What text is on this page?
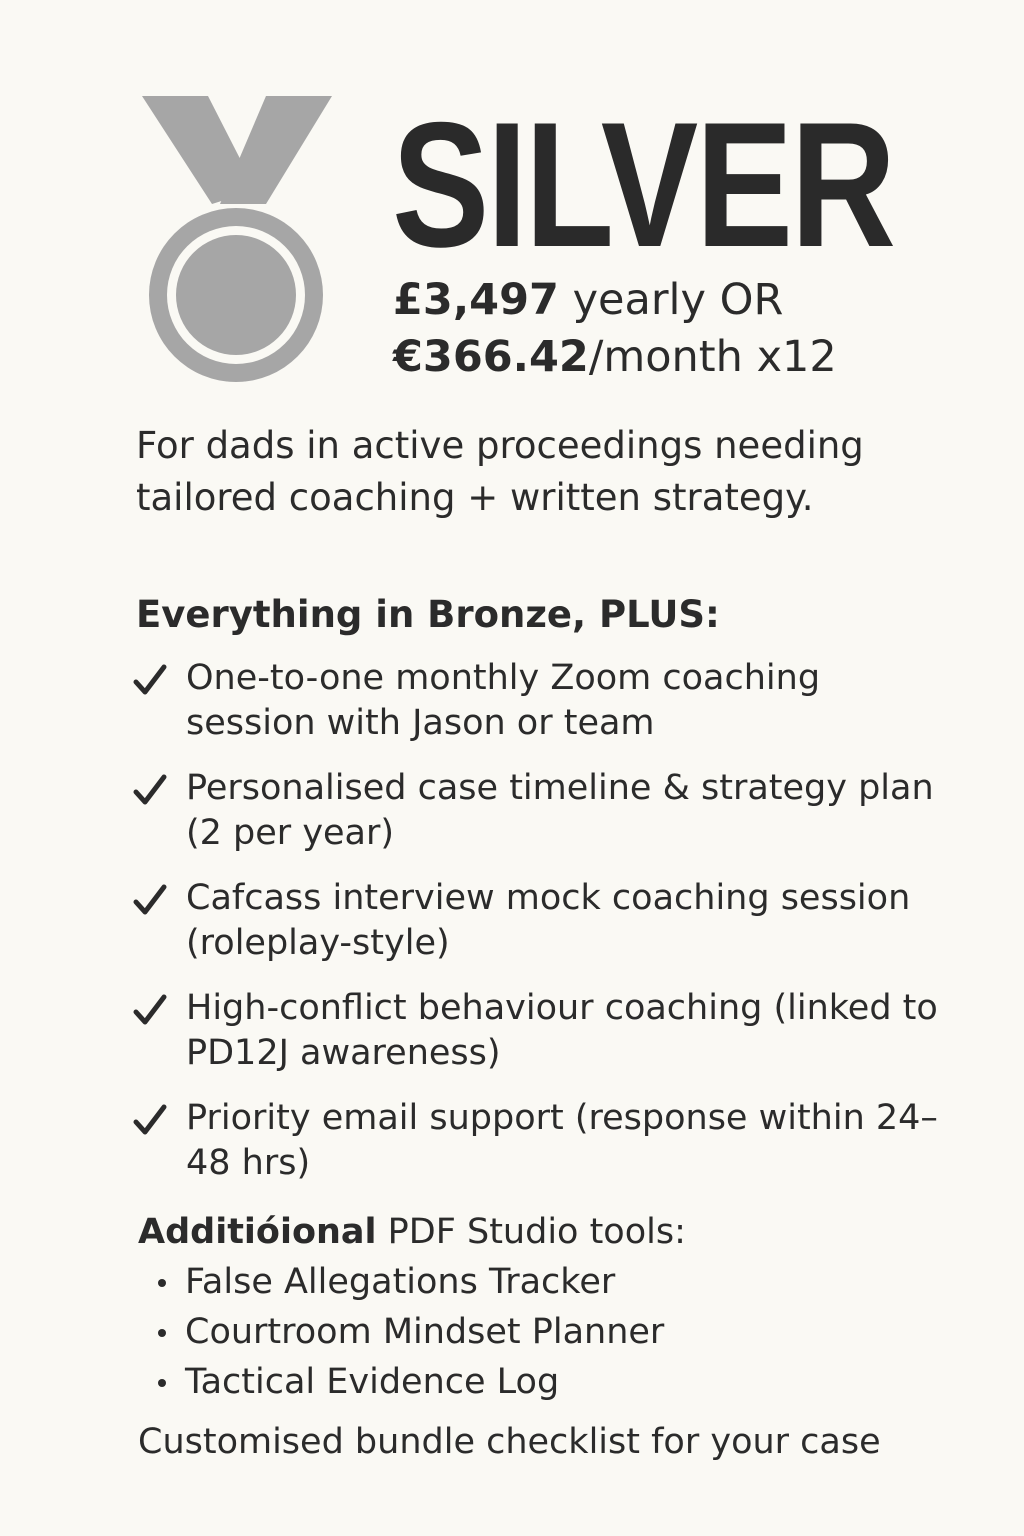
SILVER
£3,497 yearly OR
€366.42/month x12

For dads in active proceedings needing tailored coaching + written strategy.

Everything in Bronze, PLUS:
One-to-one monthly Zoom coaching session with Jason or team
Personalised case timeline & strategy plan (2 per year)
Cafcass interview mock coaching session (roleplay-style)
High-conflict behaviour coaching (linked to PD12J awareness)
Priority email support (response within 24–48 hrs)
Additióional PDF Studio tools:
False Allegations Tracker
Courtroom Mindset Planner
Tactical Evidence Log

Customised bundle checklist for your case
